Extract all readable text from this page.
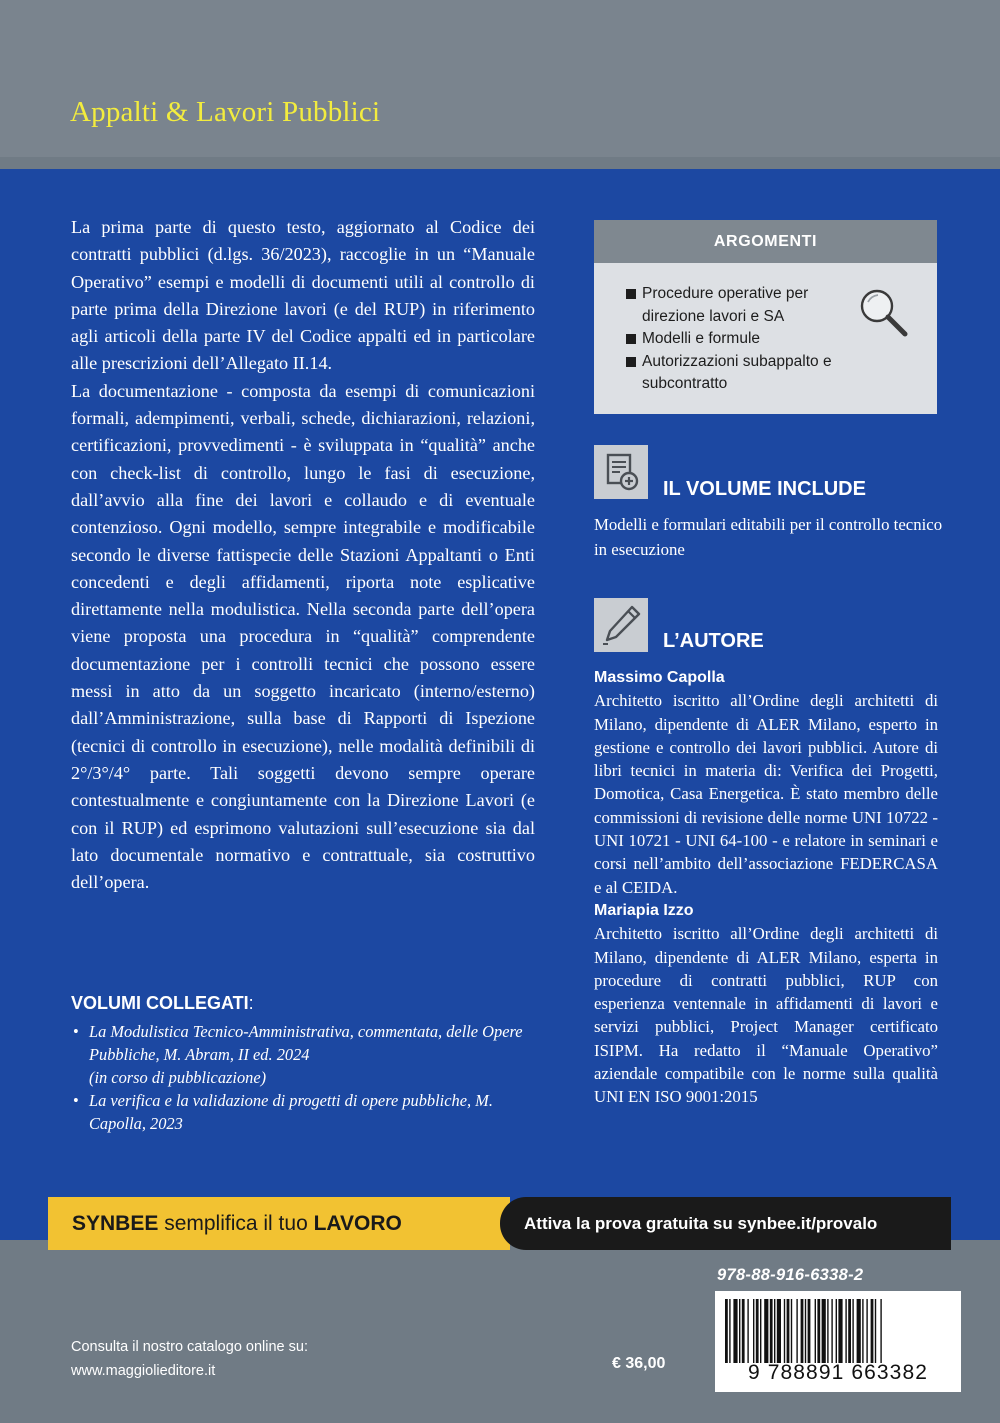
Appalti & Lavori Pubblici

La prima parte di questo testo, aggiornato al Codice dei contratti pubblici (d.lgs. 36/2023), raccoglie in un “Manuale Operativo” esempi e modelli di documenti utili al controllo di parte prima della Direzione lavori (e del RUP) in riferimento agli articoli della parte IV del Codice appalti ed in particolare alle prescrizioni dell’Allegato II.14.

La documentazione - composta da esempi di comunicazioni formali, adempimenti, verbali, schede, dichiarazioni, relazioni, certificazioni, provvedimenti - è sviluppata in “qualità” anche con check-list di controllo, lungo le fasi di esecuzione, dall’avvio alla fine dei lavori e collaudo e di eventuale contenzioso. Ogni modello, sempre integrabile e modificabile secondo le diverse fattispecie delle Stazioni Appaltanti o Enti concedenti e degli affidamenti, riporta note esplicative direttamente nella modulistica. Nella seconda parte dell’opera viene proposta una procedura in “qualità” comprendente documentazione per i controlli tecnici che possono essere messi in atto da un soggetto incaricato (interno/esterno) dall’Amministrazione, sulla base di Rapporti di Ispezione (tecnici di controllo in esecuzione), nelle modalità definibili di 2°/3°/4° parte. Tali soggetti devono sempre operare contestualmente e congiuntamente con la Direzione Lavori (e con il RUP) ed esprimono valutazioni sull’esecuzione sia dal lato documentale normativo e contrattuale, sia costruttivo dell’opera.

VOLUMI COLLEGATI:
• La Modulistica Tecnico-Amministrativa, commentata, delle Opere Pubbliche, M. Abram, II ed. 2024
(in corso di pubblicazione)
• La verifica e la validazione di progetti di opere pubbliche, M. Capolla, 2023
ARGOMENTI
Procedure operative per direzione lavori e SA
Modelli e formule
Autorizzazioni subappalto e subcontratto
IL VOLUME INCLUDE
Modelli e formulari editabili per il controllo tecnico in esecuzione
L’AUTORE
Massimo Capolla
Architetto iscritto all’Ordine degli architetti di Milano, dipendente di ALER Milano, esperto in gestione e controllo dei lavori pubblici. Autore di libri tecnici in materia di: Verifica dei Progetti, Domotica, Casa Energetica. È stato membro delle commissioni di revisione delle norme UNI 10722 - UNI 10721 - UNI 64-100 - e relatore in seminari e corsi nell’ambito dell’associazione FEDERCASA e al CEIDA.
Mariapia Izzo
Architetto iscritto all’Ordine degli architetti di Milano, dipendente di ALER Milano, esperta in procedure di contratti pubblici, RUP con esperienza ventennale in affidamenti di lavori e servizi pubblici, Project Manager certificato ISIPM. Ha redatto il “Manuale Operativo” aziendale compatibile con le norme sulla qualità UNI EN ISO 9001:2015
SYNBEE semplifica il tuo LAVORO	Attiva la prova gratuita su synbee.it/provalo
978-88-916-6338-2
9 788891 663382
€ 36,00
Consulta il nostro catalogo online su:
www.maggiolieditore.it
